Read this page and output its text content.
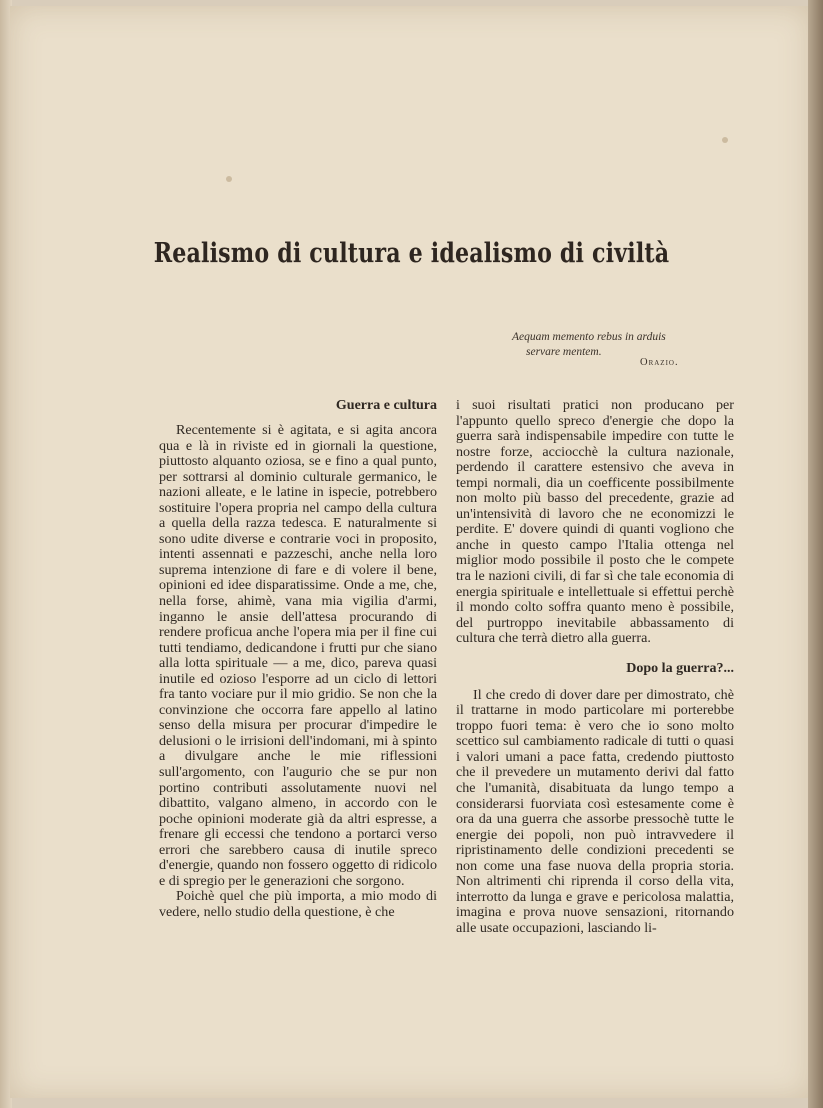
Realismo di cultura e idealismo di civiltà
Aequam memento rebus in arduis
servare mentem.
Orazio.
Guerra e cultura

Recentemente si è agitata, e si agita ancora qua e là in riviste ed in giornali la questione, piuttosto alquanto oziosa, se e fino a qual punto, per sottrarsi al dominio culturale germanico, le nazioni alleate, e le latine in ispecie, potrebbero sostituire l'opera propria nel campo della cultura a quella della razza tedesca. E naturalmente si sono udite diverse e contrarie voci in proposito, intenti assennati e pazzeschi, anche nella loro suprema intenzione di fare e di volere il bene, opinioni ed idee disparatissime. Onde a me, che, nella forse, ahimè, vana mia vigilia d'armi, inganno le ansie dell'attesa procurando di rendere proficua anche l'opera mia per il fine cui tutti tendiamo, dedicandone i frutti pur che siano alla lotta spirituale — a me, dico, pareva quasi inutile ed ozioso l'esporre ad un ciclo di lettori fra tanto vociare pur il mio gridio. Se non che la convinzione che occorra fare appello al latino senso della misura per procurar d'impedire le delusioni o le irrisioni dell'indomani, mi à spinto a divulgare anche le mie riflessioni sull'argomento, con l'augurio che se pur non portino contributi assolutamente nuovi nel dibattito, valgano almeno, in accordo con le poche opinioni moderate già da altri espresse, a frenare gli eccessi che tendono a portarci verso errori che sarebbero causa di inutile spreco d'energie, quando non fossero oggetto di ridicolo e di spregio per le generazioni che sorgono.

Poichè quel che più importa, a mio modo di vedere, nello studio della questione, è che

i suoi risultati pratici non producano per l'appunto quello spreco d'energie che dopo la guerra sarà indispensabile impedire con tutte le nostre forze, acciocchè la cultura nazionale, perdendo il carattere estensivo che aveva in tempi normali, dia un coefficente possibilmente non molto più basso del precedente, grazie ad un'intensività di lavoro che ne economizzi le perdite. E' dovere quindi di quanti vogliono che anche in questo campo l'Italia ottenga nel miglior modo possibile il posto che le compete tra le nazioni civili, di far sì che tale economia di energia spirituale e intellettuale si effettui perchè il mondo colto soffra quanto meno è possibile, del purtroppo inevitabile abbassamento di cultura che terrà dietro alla guerra.

Dopo la guerra?...

Il che credo di dover dare per dimostrato, chè il trattarne in modo particolare mi porterebbe troppo fuori tema: è vero che io sono molto scettico sul cambiamento radicale di tutti o quasi i valori umani a pace fatta, credendo piuttosto che il prevedere un mutamento derivi dal fatto che l'umanità, disabituata da lungo tempo a considerarsi fuorviata così estesamente come è ora da una guerra che assorbe pressochè tutte le energie dei popoli, non può intravvedere il ripristinamento delle condizioni precedenti se non come una fase nuova della propria storia. Non altrimenti chi riprenda il corso della vita, interrotto da lunga e grave e pericolosa malattia, imagina e prova nuove sensazioni, ritornando alle usate occupazioni, lasciando li-
